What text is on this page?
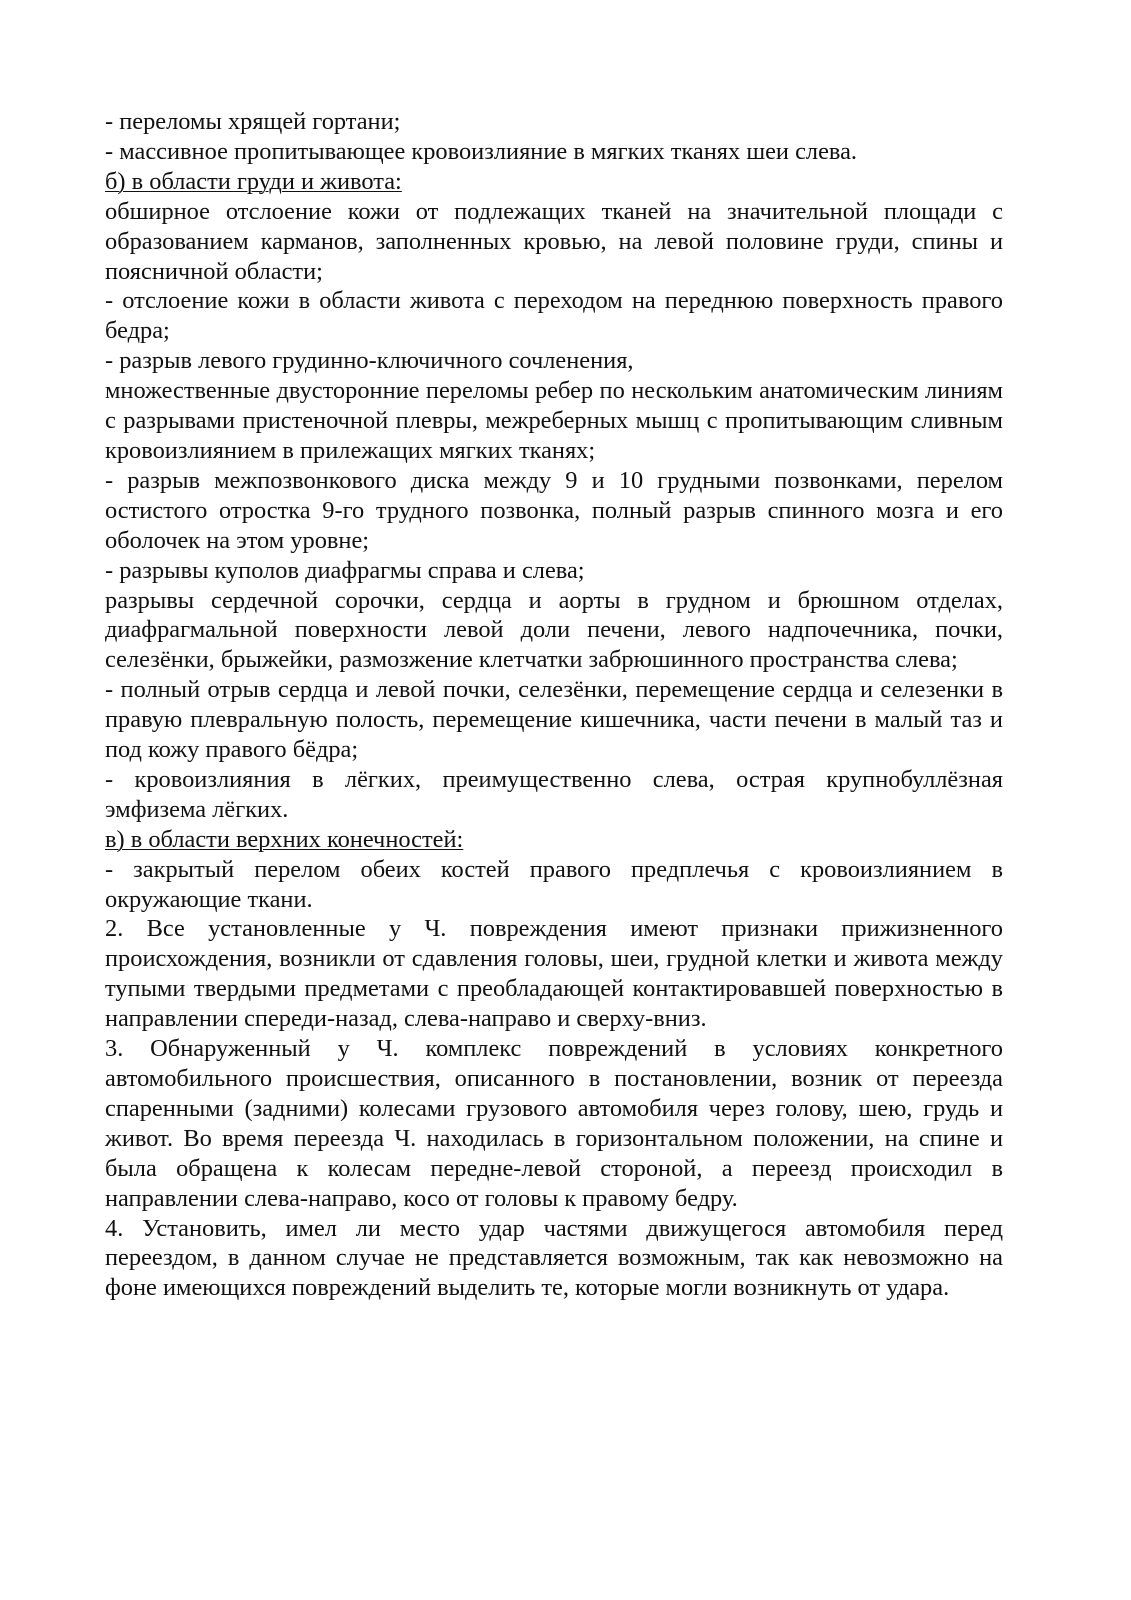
- переломы хрящей гортани;

- массивное пропитывающее кровоизлияние в мягких тканях шеи слева.

б) в области груди и живота:

обширное отслоение кожи от подлежащих тканей на значительной площади с образованием карманов, заполненных кровью, на левой половине груди, спины и поясничной области;

- отслоение кожи в области живота с переходом на переднюю поверхность правого бедра;

- разрыв левого грудинно-ключичного сочленения,

множественные двусторонние переломы ребер по нескольким анатомическим линиям с разрывами пристеночной плевры, межреберных мышц с пропитывающим сливным кровоизлиянием в прилежащих мягких тканях;

- разрыв межпозвонкового диска между 9 и 10 грудными позвонками, перелом остистого отростка 9-го трудного позвонка, полный разрыв спинного мозга и его оболочек на этом уровне;

- разрывы куполов диафрагмы справа и слева;

разрывы сердечной сорочки, сердца и аорты в грудном и брюшном отделах, диафрагмальной поверхности левой доли печени, левого надпочечника, почки, селезёнки, брыжейки, размозжение клетчатки забрюшинного пространства слева;

- полный отрыв сердца и левой почки, селезёнки, перемещение сердца и селезенки в правую плевральную полость, перемещение кишечника, части печени в малый таз и под кожу правого бёдра;

- кровоизлияния в лёгких, преимущественно слева, острая крупнобуллёзная эмфизема лёгких.

в) в области верхних конечностей:

- закрытый перелом обеих костей правого предплечья с кровоизлиянием в окружающие ткани.

2. Все установленные у Ч. повреждения имеют признаки прижизненного происхождения, возникли от сдавления головы, шеи, грудной клетки и живота между тупыми твердыми предметами с преобладающей контактировавшей поверхностью в направлении спереди-назад, слева-направо и сверху-вниз.

3. Обнаруженный у Ч. комплекс повреждений в условиях конкретного автомобильного происшествия, описанного в постановлении, возник от переезда спаренными (задними) колесами грузового автомобиля через голову, шею, грудь и живот. Во время переезда Ч. находилась в горизонтальном положении, на спине и была обращена к колесам передне-левой стороной, а переезд происходил в направлении слева-направо, косо от головы к правому бедру.

4. Установить, имел ли место удар частями движущегося автомобиля перед переездом, в данном случае не представляется возможным, так как невозможно на фоне имеющихся повреждений выделить те, которые могли возникнуть от удара.
